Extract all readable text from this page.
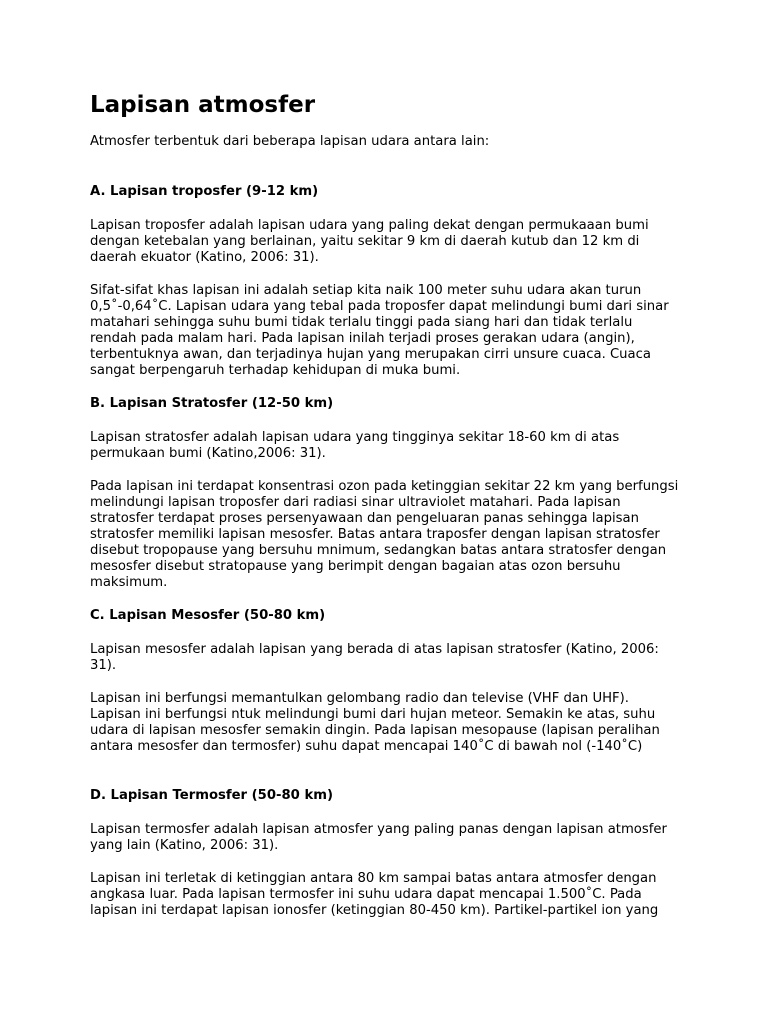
Lapisan atmosfer

Atmosfer terbentuk dari beberapa lapisan udara antara lain:

A. Lapisan troposfer (9-12 km)

Lapisan troposfer adalah lapisan udara yang paling dekat dengan permukaaan bumi dengan ketebalan yang berlainan, yaitu sekitar 9 km di daerah kutub dan 12 km di daerah ekuator (Katino, 2006: 31).

Sifat-sifat khas lapisan ini adalah setiap kita naik 100 meter suhu udara akan turun 0,5˚-0,64˚C. Lapisan udara yang tebal pada troposfer dapat melindungi bumi dari sinar matahari sehingga suhu bumi tidak terlalu tinggi pada siang hari dan tidak terlalu rendah pada malam hari. Pada lapisan inilah terjadi proses gerakan udara (angin), terbentuknya awan, dan terjadinya hujan yang merupakan cirri unsure cuaca. Cuaca sangat berpengaruh terhadap kehidupan di muka bumi.

B. Lapisan Stratosfer (12-50 km)

Lapisan stratosfer adalah lapisan udara yang tingginya sekitar 18-60 km di atas permukaan bumi (Katino,2006: 31).

Pada lapisan ini terdapat konsentrasi ozon pada ketinggian sekitar 22 km yang berfungsi melindungi lapisan troposfer dari radiasi sinar ultraviolet matahari. Pada lapisan stratosfer terdapat proses persenyawaan dan pengeluaran panas sehingga lapisan stratosfer memiliki lapisan mesosfer. Batas antara traposfer dengan lapisan stratosfer disebut tropopause yang bersuhu mnimum, sedangkan batas antara stratosfer dengan mesosfer disebut stratopause yang berimpit dengan bagaian atas ozon bersuhu maksimum.

C. Lapisan Mesosfer (50-80 km)

Lapisan mesosfer adalah lapisan yang berada di atas lapisan stratosfer (Katino, 2006: 31).

Lapisan ini berfungsi memantulkan gelombang radio dan televise (VHF dan UHF). Lapisan ini berfungsi ntuk melindungi bumi dari hujan meteor. Semakin ke atas, suhu udara di lapisan mesosfer semakin dingin. Pada lapisan mesopause (lapisan peralihan antara mesosfer dan termosfer) suhu dapat mencapai 140˚C di bawah nol (-140˚C)

D. Lapisan Termosfer (50-80 km)

Lapisan termosfer adalah lapisan atmosfer yang paling panas dengan lapisan atmosfer yang lain (Katino, 2006: 31).

Lapisan ini terletak di ketinggian antara 80 km sampai batas antara atmosfer dengan angkasa luar. Pada lapisan termosfer ini suhu udara dapat mencapai 1.500˚C. Pada lapisan ini terdapat lapisan ionosfer (ketinggian 80-450 km). Partikel-partikel ion yang
